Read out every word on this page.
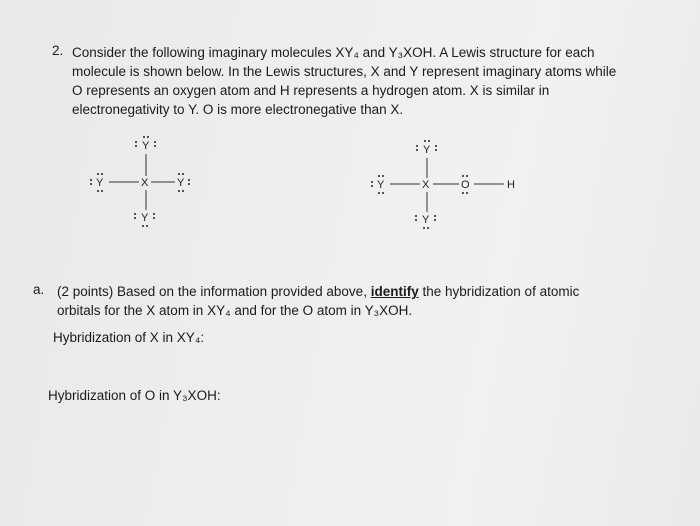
2. Consider the following imaginary molecules XY₄ and Y₃XOH. A Lewis structure for each

molecule is shown below. In the Lewis structures, X and Y represent imaginary atoms while

O represents an oxygen atom and H represents a hydrogen atom. X is similar in

electronegativity to Y. O is more electronegative than X.

Y
X
Y	Y
Y
Y
X
Y	O	H
Y
a. (2 points) Based on the information provided above, identify the hybridization of atomic
orbitals for the X atom in XY₄ and for the O atom in Y₃XOH.
Hybridization of X in XY₄:
Hybridization of O in Y₃XOH:
